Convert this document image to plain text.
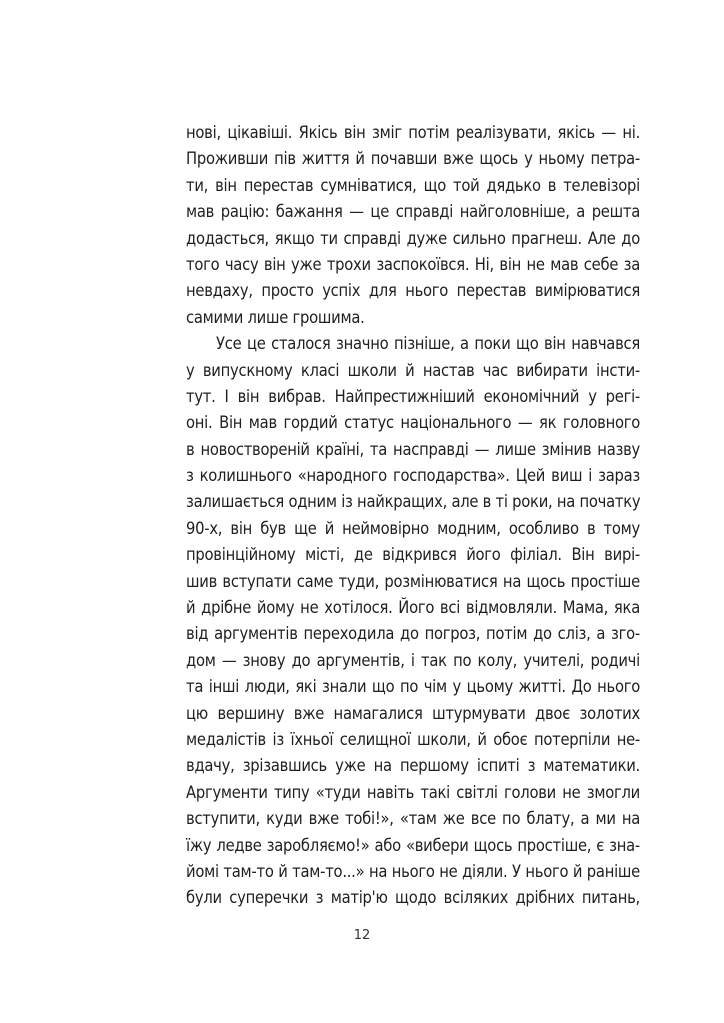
нові, цікавіші. Якісь він зміг потім реалізувати, якісь — ні.
Проживши пів життя й почавши вже щось у ньому петра-
ти, він перестав сумніватися, що той дядько в телевізорі
мав рацію: бажання — це справді найголовніше, а решта
додасться, якщо ти справді дуже сильно прагнеш. Але до
того часу він уже трохи заспокоївся. Ні, він не мав себе за
невдаху, просто успіх для нього перестав вимірюватися
самими лише грошима.
Усе це сталося значно пізніше, а поки що він навчався
у випускному класі школи й настав час вибирати інсти-
тут. І він вибрав. Найпрестижніший економічний у регі-
оні. Він мав гордий статус національного — як головного
в новоствореній країні, та насправді — лише змінив назву
з колишнього «народного господарства». Цей виш і зараз
залишається одним із найкращих, але в ті роки, на початку
90-х, він був ще й неймовірно модним, особливо в тому
провінційному місті, де відкрився його філіал. Він виpi-
шив вступати саме туди, розмінюватися на щось простіше
й дрібне йому не хотілося. Його всі відмовляли. Мама, яка
від аргументів переходила до погроз, потім до сліз, а зго-
дом — знову до аргументів, і так по колу, учителі, родичі
та інші люди, які знали що по чім у цьому житті. До нього
цю вершину вже намагалися штурмувати двоє золотих
медалістів із їхньої селищної школи, й обоє потерпіли не-
вдачу, зрізавшись уже на першому іспиті з математики.
Аргументи типу «туди навіть такі світлі голови не змогли
вступити, куди вже тобі!», «там же все по блату, а ми на
їжу ледве заробляємо!» або «вибери щось простіше, є зна-
йомі там-то й там-то...» на нього не діяли. У нього й раніше
були суперечки з матір'ю щодо всіляких дрібних питань,
12
